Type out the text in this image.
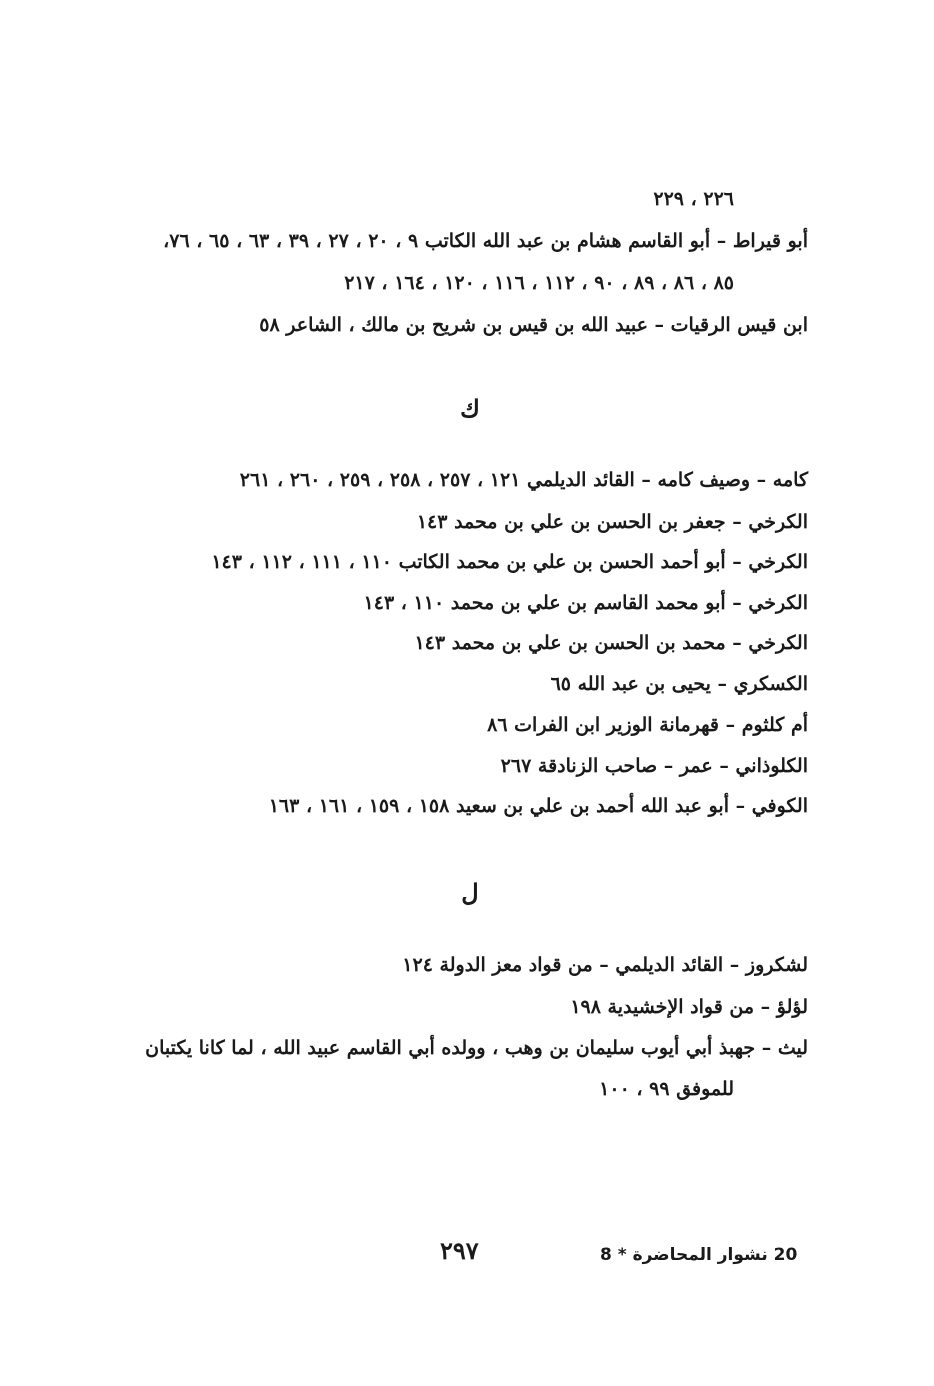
٢٢٦ ، ٢٢٩
أبو قيراط – أبو القاسم هشام بن عبد الله الكاتب ٩ ، ٢٠ ، ٢٧ ، ٣٩ ، ٦٣ ، ٦٥ ، ٧٦،
٨٥ ، ٨٦ ، ٨٩ ، ٩٠ ، ١١٢ ، ١١٦ ، ١٢٠ ، ١٦٤ ، ٢١٧
ابن قيس الرقيات – عبيد الله بن قيس بن شريح بن مالك ، الشاعر ٥٨
ك
كامه – وصيف كامه – القائد الديلمي ١٢١ ، ٢٥٧ ، ٢٥٨ ، ٢٥٩ ، ٢٦٠ ، ٢٦١
الكرخي – جعفر بن الحسن بن علي بن محمد ١٤٣
الكرخي – أبو أحمد الحسن بن علي بن محمد الكاتب ١١٠ ، ١١١ ، ١١٢ ، ١٤٣
الكرخي – أبو محمد القاسم بن علي بن محمد ١١٠ ، ١٤٣
الكرخي – محمد بن الحسن بن علي بن محمد ١٤٣
الكسكري – يحيى بن عبد الله ٦٥
أم كلثوم – قهرمانة الوزير ابن الفرات ٨٦
الكلوذاني – عمر – صاحب الزنادقة ٢٦٧
الكوفي – أبو عبد الله أحمد بن علي بن سعيد ١٥٨ ، ١٥٩ ، ١٦١ ، ١٦٣
ل
لشكروز – القائد الديلمي – من قواد معز الدولة ١٢٤
لؤلؤ – من قواد الإخشيدية ١٩٨
ليث – جهبذ أبي أيوب سليمان بن وهب ، وولده أبي القاسم عبيد الله ، لما كانا يكتبان
للموفق ٩٩ ، ١٠٠
٢٩٧	20 نشوار المحاضرة * 8
